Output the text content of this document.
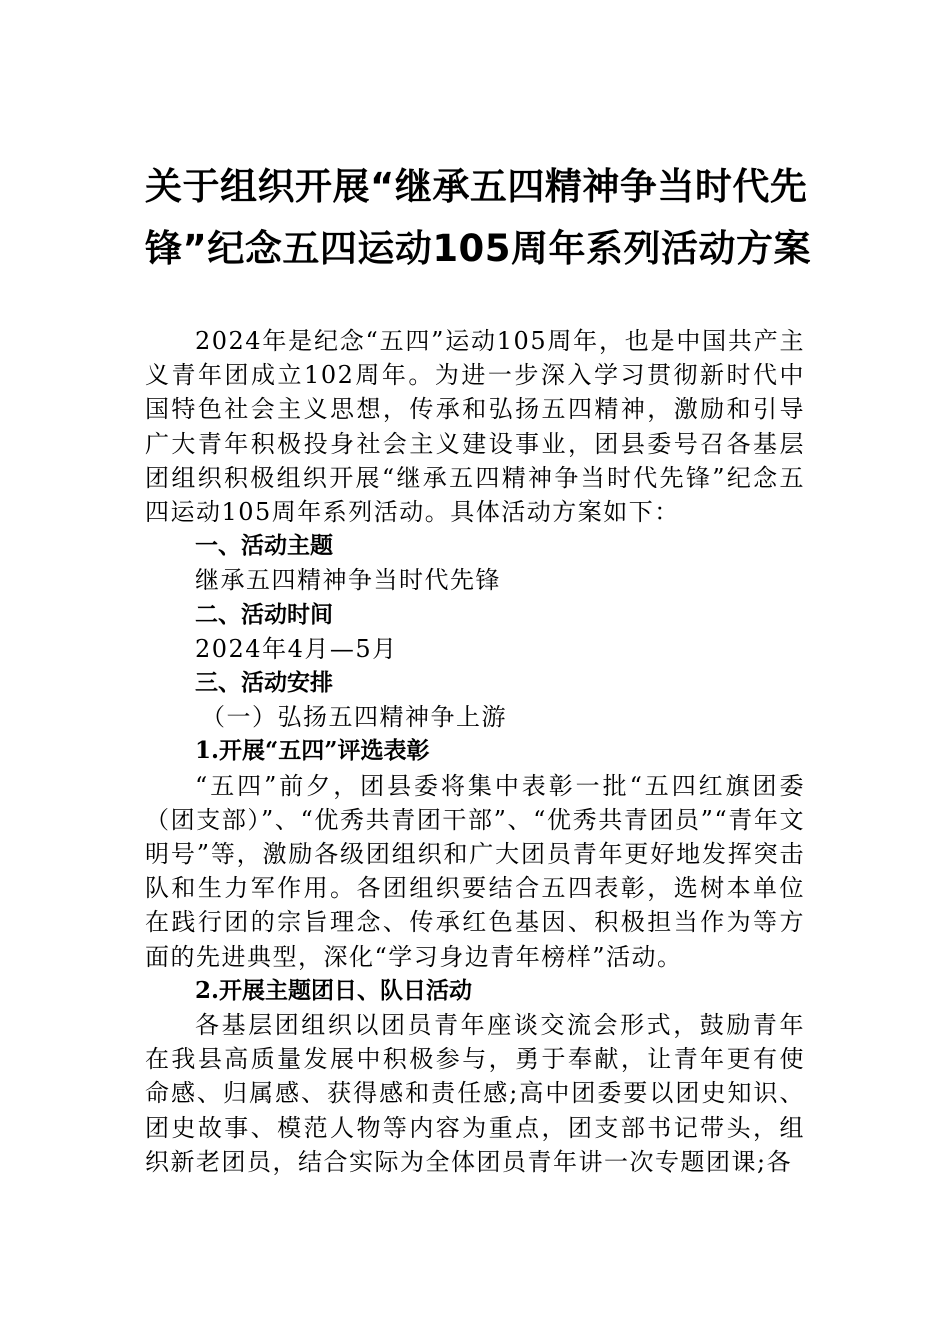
关于组织开展“继承五四精神争当时代先
锋”纪念五四运动105周年系列活动方案

2024年是纪念“五四”运动105周年，也是中国共产主义青年团成立102周年。为进一步深入学习贯彻新时代中国特色社会主义思想，传承和弘扬五四精神，激励和引导广大青年积极投身社会主义建设事业，团县委号召各基层团组织积极组织开展“继承五四精神争当时代先锋”纪念五四运动105周年系列活动。具体活动方案如下：

一、活动主题

继承五四精神争当时代先锋

二、活动时间

2024年4月—5月

三、活动安排

（一）弘扬五四精神争上游

1.开展“五四”评选表彰

“五四”前夕，团县委将集中表彰一批“五四红旗团委（团支部）”、“优秀共青团干部”、“优秀共青团员”“青年文明号”等，激励各级团组织和广大团员青年更好地发挥突击队和生力军作用。各团组织要结合五四表彰，选树本单位在践行团的宗旨理念、传承红色基因、积极担当作为等方面的先进典型，深化“学习身边青年榜样”活动。

2.开展主题团日、队日活动

各基层团组织以团员青年座谈交流会形式，鼓励青年在我县高质量发展中积极参与，勇于奉献，让青年更有使命感、归属感、获得感和责任感;高中团委要以团史知识、团史故事、模范人物等内容为重点，团支部书记带头，组织新老团员，结合实际为全体团员青年讲一次专题团课;各
